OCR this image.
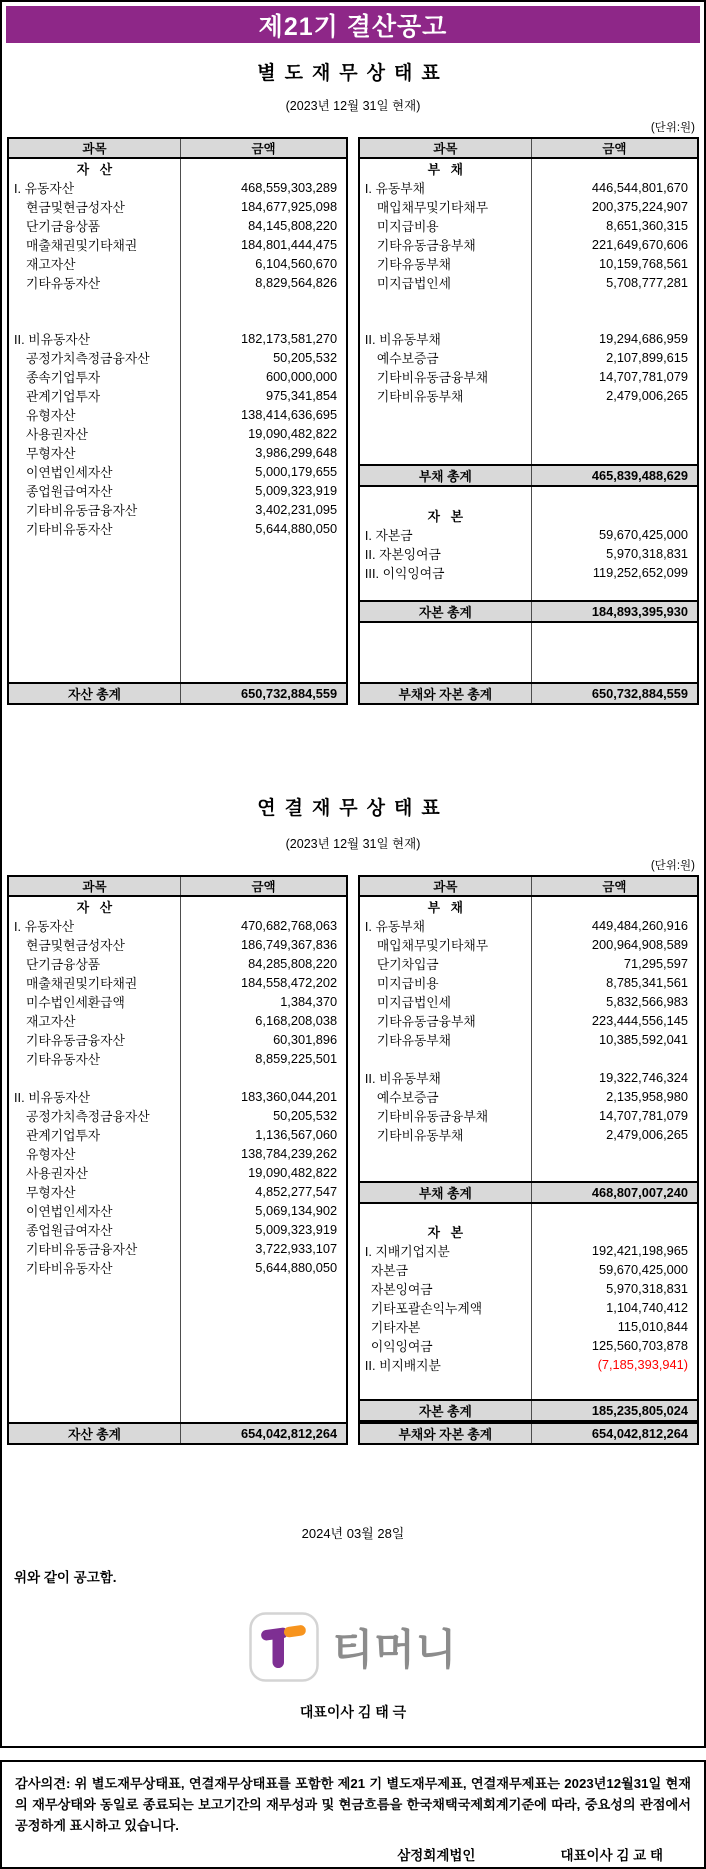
제21기 결산공고
별도재무상태표
(2023년 12월 31일 현재)
(단위:원)
과목	금액
자   산
I. 유동자산	468,559,303,289
현금및현금성자산	184,677,925,098
단기금융상품	84,145,808,220
매출채권및기타채권	184,801,444,475
재고자산	6,104,560,670
기타유동자산	8,829,564,826
II. 비유동자산	182,173,581,270
공정가치측정금융자산	50,205,532
종속기업투자	600,000,000
관계기업투자	975,341,854
유형자산	138,414,636,695
사용권자산	19,090,482,822
무형자산	3,986,299,648
이연법인세자산	5,000,179,655
종업원급여자산	5,009,323,919
기타비유동금융자산	3,402,231,095
기타비유동자산	5,644,880,050
자산 총계	650,732,884,559
과목	금액
부   채
I. 유동부채	446,544,801,670
매입채무및기타채무	200,375,224,907
미지급비용	8,651,360,315
기타유동금융부채	221,649,670,606
기타유동부채	10,159,768,561
미지급법인세	5,708,777,281
II. 비유동부채	19,294,686,959
예수보증금	2,107,899,615
기타비유동금융부채	14,707,781,079
기타비유동부채	2,479,006,265
부채 총계	465,839,488,629
자   본
I. 자본금	59,670,425,000
II. 자본잉여금	5,970,318,831
III. 이익잉여금	119,252,652,099
자본 총계	184,893,395,930
부채와 자본 총계	650,732,884,559
연결재무상태표
(2023년 12월 31일 현재)
(단위:원)
과목	금액
자   산
I. 유동자산	470,682,768,063
현금및현금성자산	186,749,367,836
단기금융상품	84,285,808,220
매출채권및기타채권	184,558,472,202
미수법인세환급액	1,384,370
재고자산	6,168,208,038
기타유동금융자산	60,301,896
기타유동자산	8,859,225,501
II. 비유동자산	183,360,044,201
공정가치측정금융자산	50,205,532
관계기업투자	1,136,567,060
유형자산	138,784,239,262
사용권자산	19,090,482,822
무형자산	4,852,277,547
이연법인세자산	5,069,134,902
종업원급여자산	5,009,323,919
기타비유동금융자산	3,722,933,107
기타비유동자산	5,644,880,050
자산 총계	654,042,812,264
과목	금액
부   채
I. 유동부채	449,484,260,916
매입채무및기타채무	200,964,908,589
단기차입금	71,295,597
미지급비용	8,785,341,561
미지급법인세	5,832,566,983
기타유동금융부채	223,444,556,145
기타유동부채	10,385,592,041
II. 비유동부채	19,322,746,324
예수보증금	2,135,958,980
기타비유동금융부채	14,707,781,079
기타비유동부채	2,479,006,265
부채 총계	468,807,007,240
자   본
I. 지배기업지분	192,421,198,965
자본금	59,670,425,000
자본잉여금	5,970,318,831
기타포괄손익누계액	1,104,740,412
기타자본	115,010,844
이익잉여금	125,560,703,878
II. 비지배지분	(7,185,393,941)
자본 총계	185,235,805,024
부채와 자본 총계	654,042,812,264
2024년 03월 28일
위와 같이 공고함.
티머니
대표이사 김 태 극
감사의견: 위 별도재무상태표, 연결재무상태표를 포함한 제21 기 별도재무제표, 연결재무제표는 2023년12월31일 현재의 재무상태와 동일로 종료되는 보고기간의 재무성과 및 현금흐름을 한국채택국제회계기준에 따라, 중요성의 관점에서 공정하게 표시하고 있습니다.
삼정회계법인	대표이사 김 교 태
